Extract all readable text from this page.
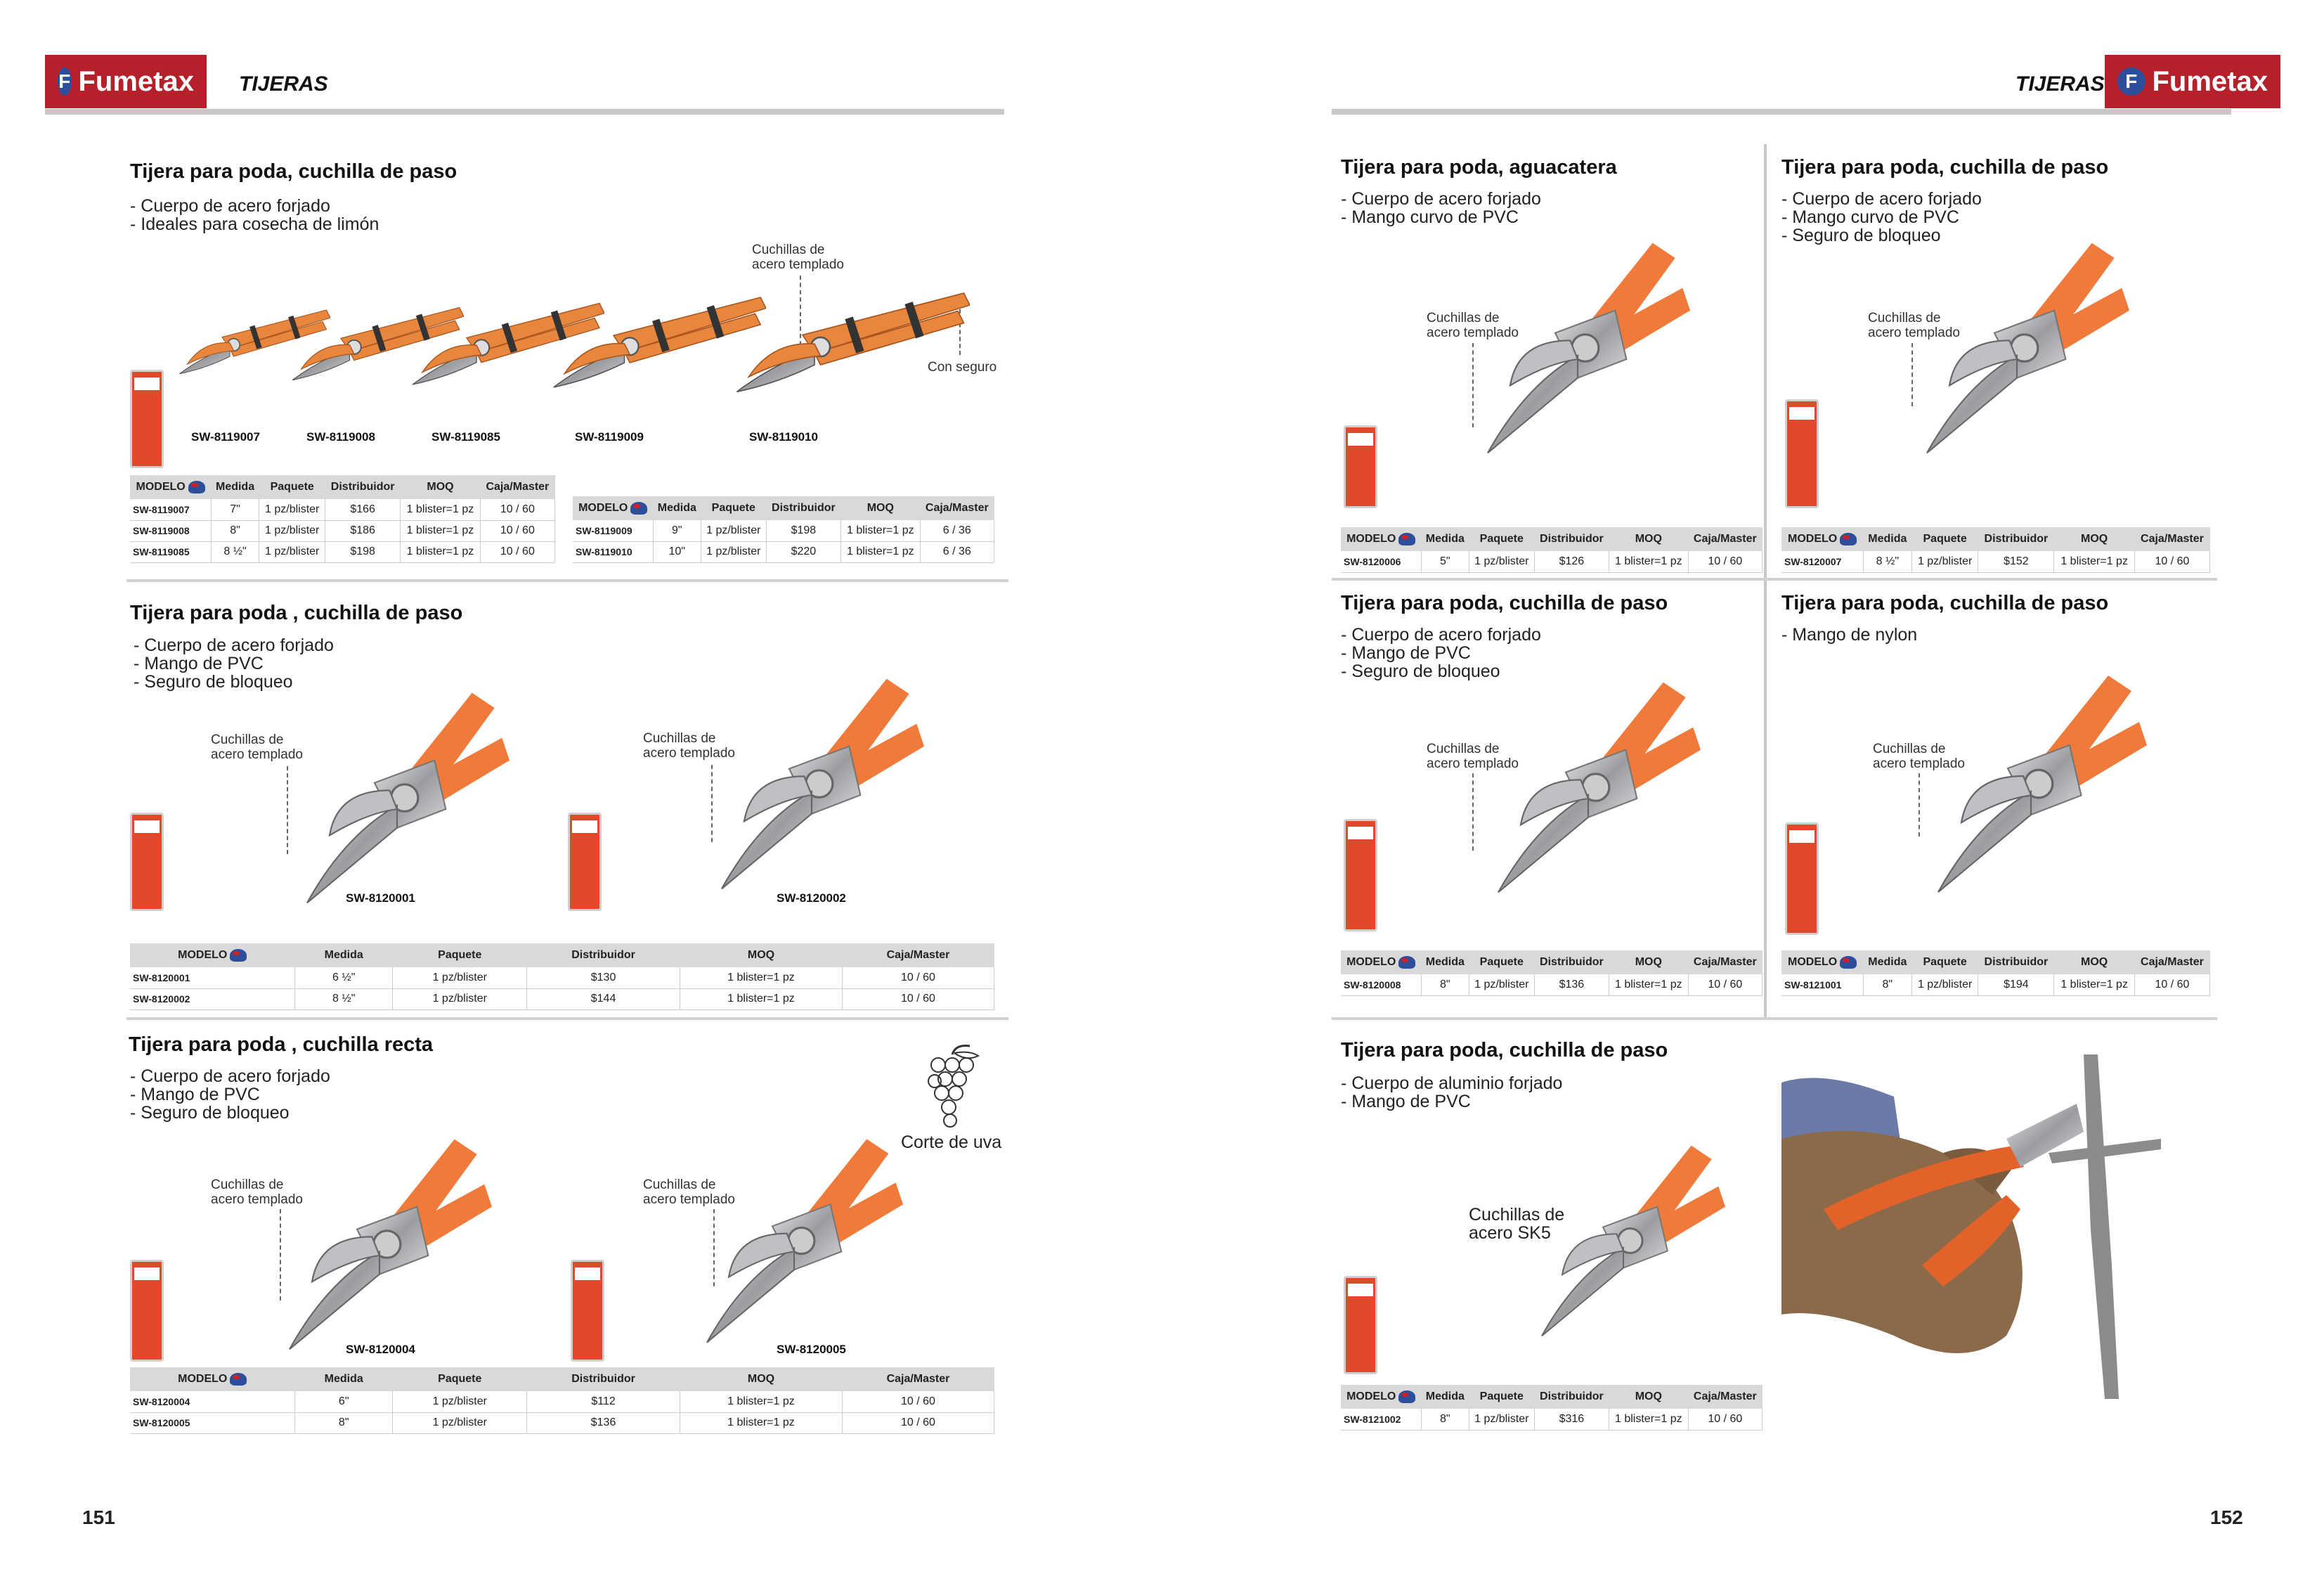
F Fumetax TIJERAS	TIJERAS	F Fumetax
Tijera para poda, cuchilla de paso
- Cuerpo de acero forjado
- Ideales para cosecha de limón
Cuchillas de
acero templado
Con seguro
SW-8119007	SW-8119008	SW-8119085	SW-8119009	SW-8119010
MODELO	Medida	Paquete	Distribuidor	MOQ	Caja/Master
SW-8119007	7"	1 pz/blister	$166	1 blister=1 pz	10 / 60
SW-8119008	8"	1 pz/blister	$186	1 blister=1 pz	10 / 60
SW-8119085	8 ½"	1 pz/blister	$198	1 blister=1 pz	10 / 60
MODELO	Medida	Paquete	Distribuidor	MOQ	Caja/Master
SW-8119009	9"	1 pz/blister	$198	1 blister=1 pz	6 / 36
SW-8119010	10"	1 pz/blister	$220	1 blister=1 pz	6 / 36
Tijera para poda , cuchilla de paso
- Cuerpo de acero forjado
- Mango de PVC
- Seguro de bloqueo
Cuchillas de
acero templado
Cuchillas de
acero templado
SW-8120001	SW-8120002
MODELO	Medida	Paquete	Distribuidor	MOQ	Caja/Master
SW-8120001	6 ½"	1 pz/blister	$130	1 blister=1 pz	10 / 60
SW-8120002	8 ½"	1 pz/blister	$144	1 blister=1 pz	10 / 60
Tijera para poda , cuchilla recta
- Cuerpo de acero forjado
- Mango de PVC
- Seguro de bloqueo
Corte de uva
Cuchillas de
acero templado
Cuchillas de
acero templado
SW-8120004	SW-8120005
MODELO	Medida	Paquete	Distribuidor	MOQ	Caja/Master
SW-8120004	6"	1 pz/blister	$112	1 blister=1 pz	10 / 60
SW-8120005	8"	1 pz/blister	$136	1 blister=1 pz	10 / 60
151
Tijera para poda, aguacatera
- Cuerpo de acero forjado
- Mango curvo de PVC
Cuchillas de
acero templado
MODELO	Medida	Paquete	Distribuidor	MOQ	Caja/Master
SW-8120006	5"	1 pz/blister	$126	1 blister=1 pz	10 / 60
Tijera para poda, cuchilla de paso
- Cuerpo de acero forjado
- Mango curvo de PVC
- Seguro de bloqueo
Cuchillas de
acero templado
MODELO	Medida	Paquete	Distribuidor	MOQ	Caja/Master
SW-8120007	8 ½"	1 pz/blister	$152	1 blister=1 pz	10 / 60
Tijera para poda, cuchilla de paso
- Cuerpo de acero forjado
- Mango de PVC
- Seguro de bloqueo
Cuchillas de
acero templado
MODELO	Medida	Paquete	Distribuidor	MOQ	Caja/Master
SW-8120008	8"	1 pz/blister	$136	1 blister=1 pz	10 / 60
Tijera para poda, cuchilla de paso
- Mango de nylon
Cuchillas de
acero templado
MODELO	Medida	Paquete	Distribuidor	MOQ	Caja/Master
SW-8121001	8"	1 pz/blister	$194	1 blister=1 pz	10 / 60
Tijera para poda, cuchilla de paso
- Cuerpo de aluminio forjado
- Mango de PVC
Cuchillas de
acero SK5
MODELO	Medida	Paquete	Distribuidor	MOQ	Caja/Master
SW-8121002	8"	1 pz/blister	$316	1 blister=1 pz	10 / 60
152
